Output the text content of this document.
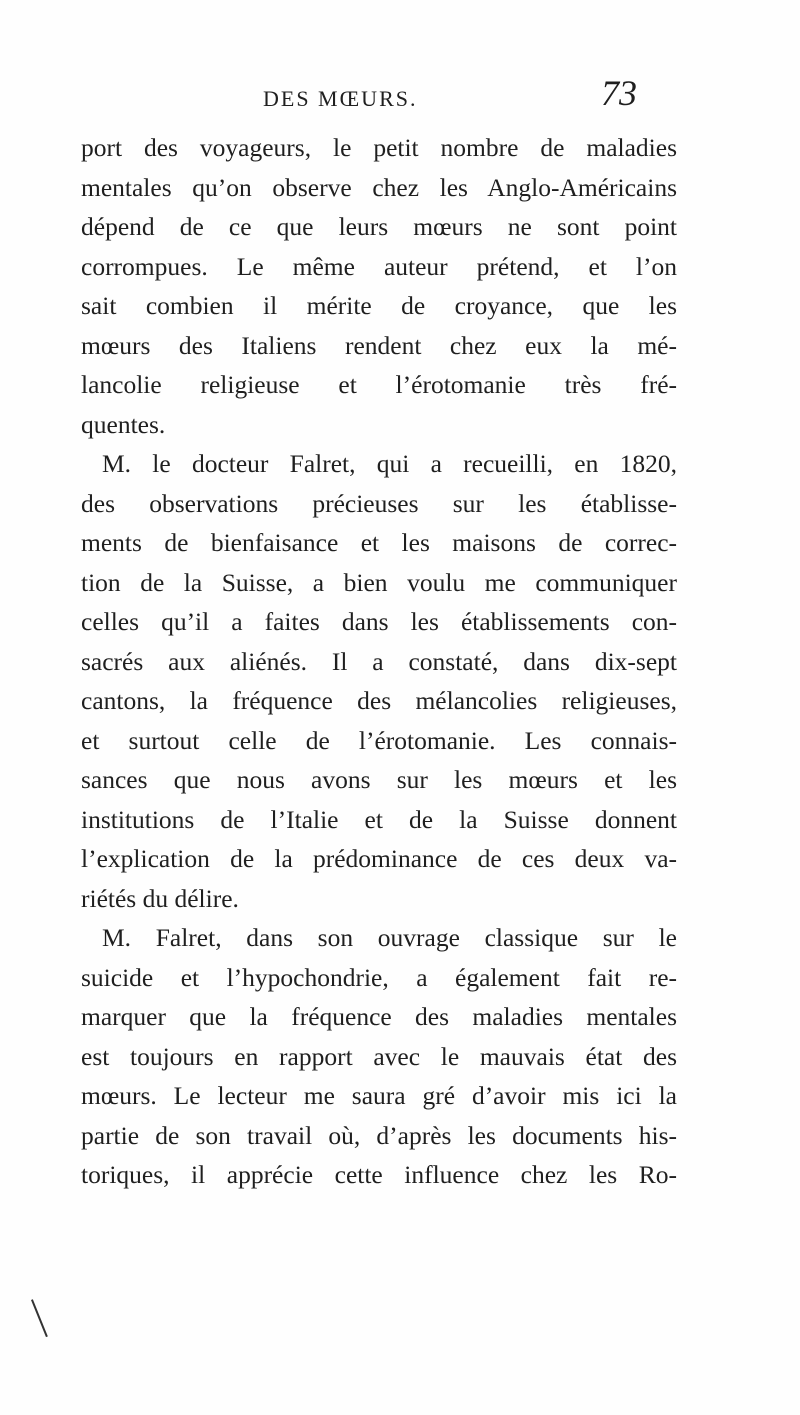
DES MŒURS.	73
port des voyageurs, le petit nombre de maladies
mentales qu’on observe chez les Anglo-Américains
dépend de ce que leurs mœurs ne sont point
corrompues. Le même auteur prétend, et l’on
sait combien il mérite de croyance, que les
mœurs des Italiens rendent chez eux la mé-
lancolie religieuse et l’érotomanie très fré-
quentes.
M. le docteur Falret, qui a recueilli, en 1820,
des observations précieuses sur les établisse-
ments de bienfaisance et les maisons de correc-
tion de la Suisse, a bien voulu me communiquer
celles qu’il a faites dans les établissements con-
sacrés aux aliénés. Il a constaté, dans dix-sept
cantons, la fréquence des mélancolies religieuses,
et surtout celle de l’érotomanie. Les connais-
sances que nous avons sur les mœurs et les
institutions de l’Italie et de la Suisse donnent
l’explication de la prédominance de ces deux va-
riétés du délire.
M. Falret, dans son ouvrage classique sur le
suicide et l’hypochondrie, a également fait re-
marquer que la fréquence des maladies mentales
est toujours en rapport avec le mauvais état des
mœurs. Le lecteur me saura gré d’avoir mis ici la
partie de son travail où, d’après les documents his-
toriques, il apprécie cette influence chez les Ro-
